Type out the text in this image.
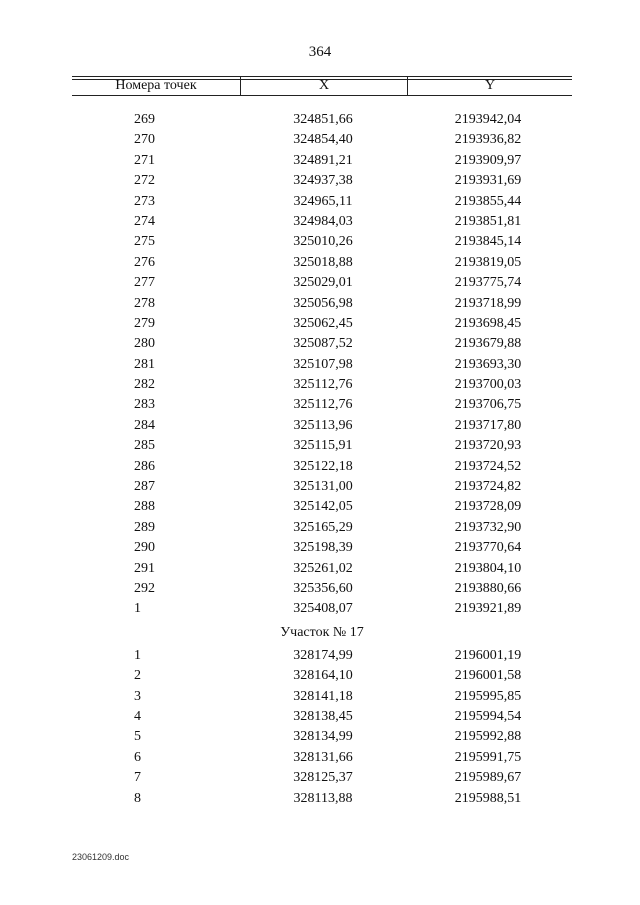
364
Номера точек	X	Y
269	324851,66	2193942,04
270	324854,40	2193936,82
271	324891,21	2193909,97
272	324937,38	2193931,69
273	324965,11	2193855,44
274	324984,03	2193851,81
275	325010,26	2193845,14
276	325018,88	2193819,05
277	325029,01	2193775,74
278	325056,98	2193718,99
279	325062,45	2193698,45
280	325087,52	2193679,88
281	325107,98	2193693,30
282	325112,76	2193700,03
283	325112,76	2193706,75
284	325113,96	2193717,80
285	325115,91	2193720,93
286	325122,18	2193724,52
287	325131,00	2193724,82
288	325142,05	2193728,09
289	325165,29	2193732,90
290	325198,39	2193770,64
291	325261,02	2193804,10
292	325356,60	2193880,66
1	325408,07	2193921,89
Участок № 17
1	328174,99	2196001,19
2	328164,10	2196001,58
3	328141,18	2195995,85
4	328138,45	2195994,54
5	328134,99	2195992,88
6	328131,66	2195991,75
7	328125,37	2195989,67
8	328113,88	2195988,51
23061209.doc
